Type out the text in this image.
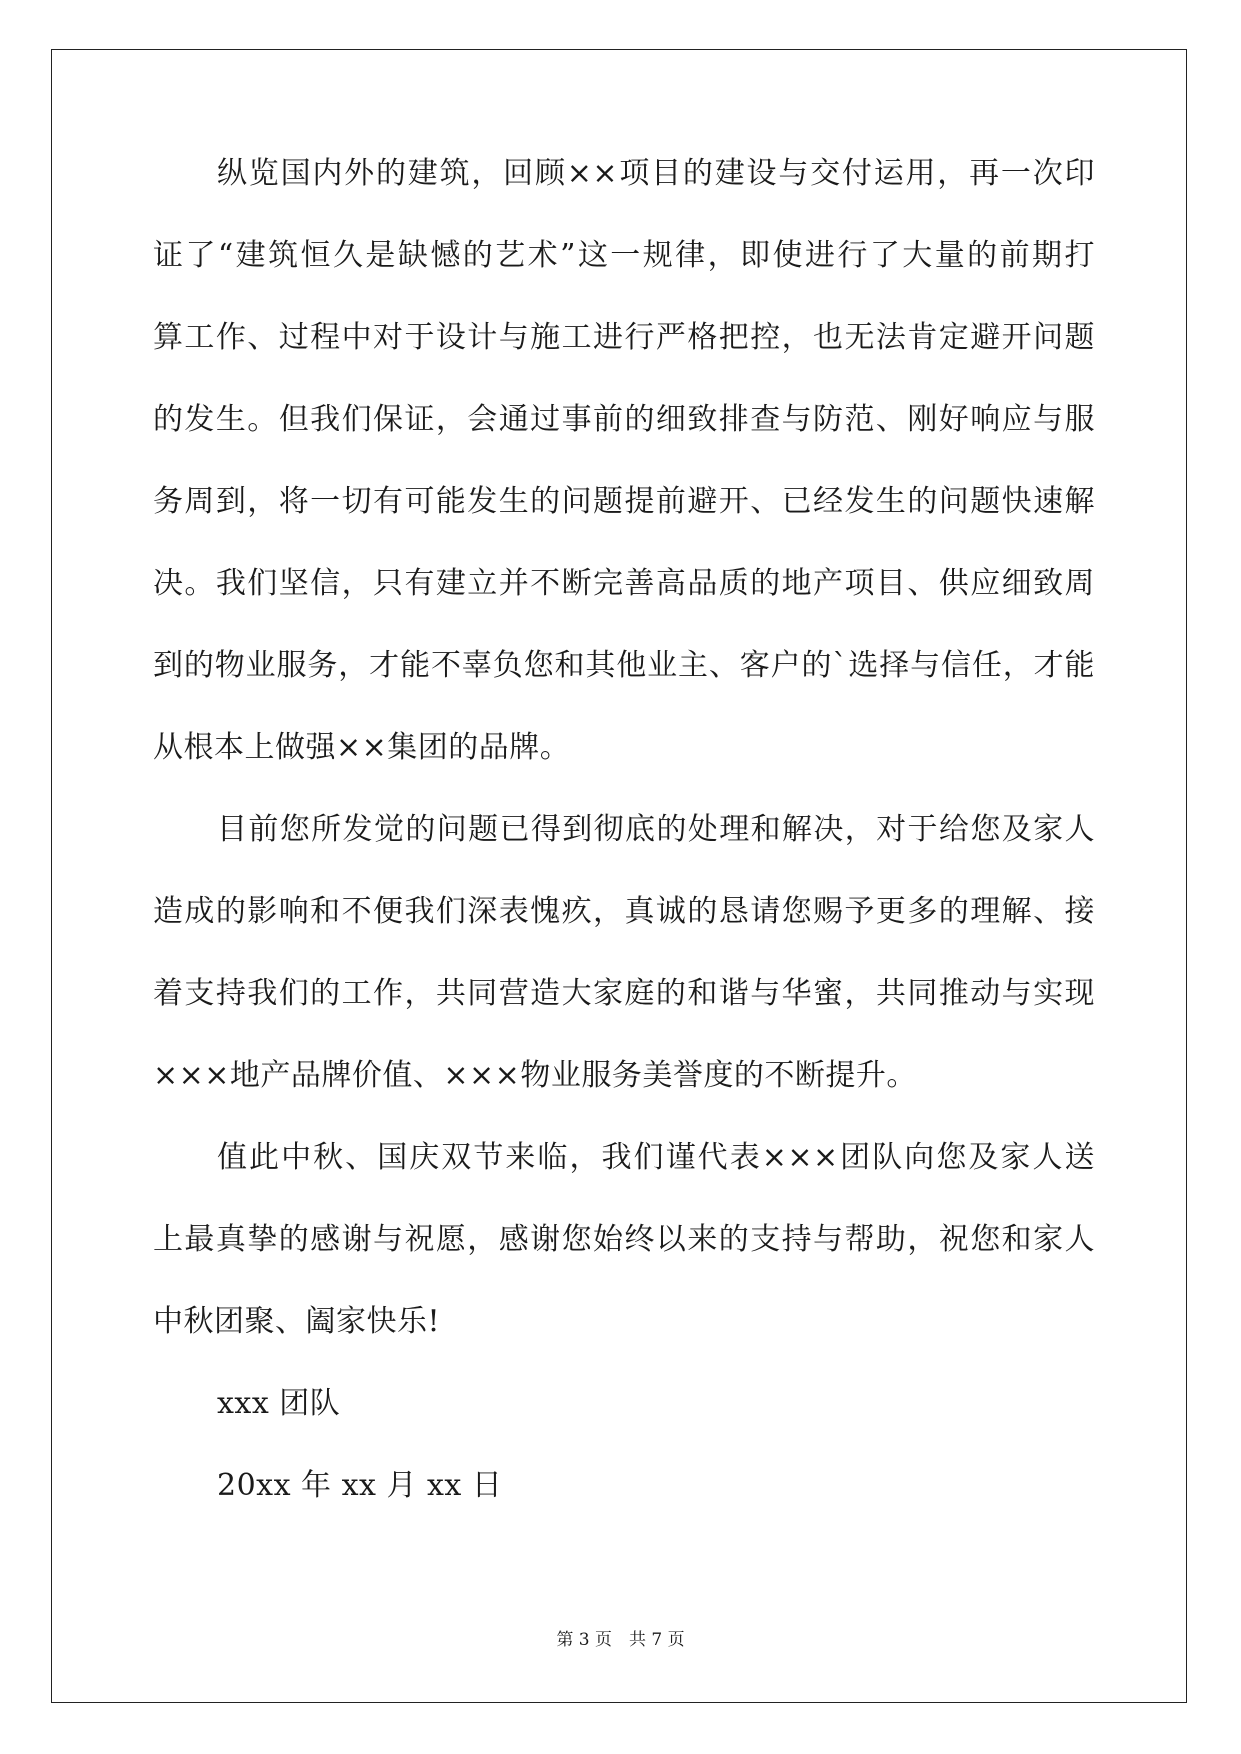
纵览国内外的建筑，回顾××项目的建设与交付运用，再一次印
证了“建筑恒久是缺憾的艺术”这一规律，即使进行了大量的前期打
算工作、过程中对于设计与施工进行严格把控，也无法肯定避开问题
的发生。但我们保证，会通过事前的细致排查与防范、刚好响应与服
务周到，将一切有可能发生的问题提前避开、已经发生的问题快速解
决。我们坚信，只有建立并不断完善高品质的地产项目、供应细致周
到的物业服务，才能不辜负您和其他业主、客户的`选择与信任，才能
从根本上做强××集团的品牌。
目前您所发觉的问题已得到彻底的处理和解决，对于给您及家人
造成的影响和不便我们深表愧疚，真诚的恳请您赐予更多的理解、接
着支持我们的工作，共同营造大家庭的和谐与华蜜，共同推动与实现
×××地产品牌价值、×××物业服务美誉度的不断提升。
值此中秋、国庆双节来临，我们谨代表×××团队向您及家人送
上最真挚的感谢与祝愿，感谢您始终以来的支持与帮助，祝您和家人
中秋团聚、阖家快乐!
xxx 团队
20xx 年 xx 月 xx 日
第 3 页　共 7 页
